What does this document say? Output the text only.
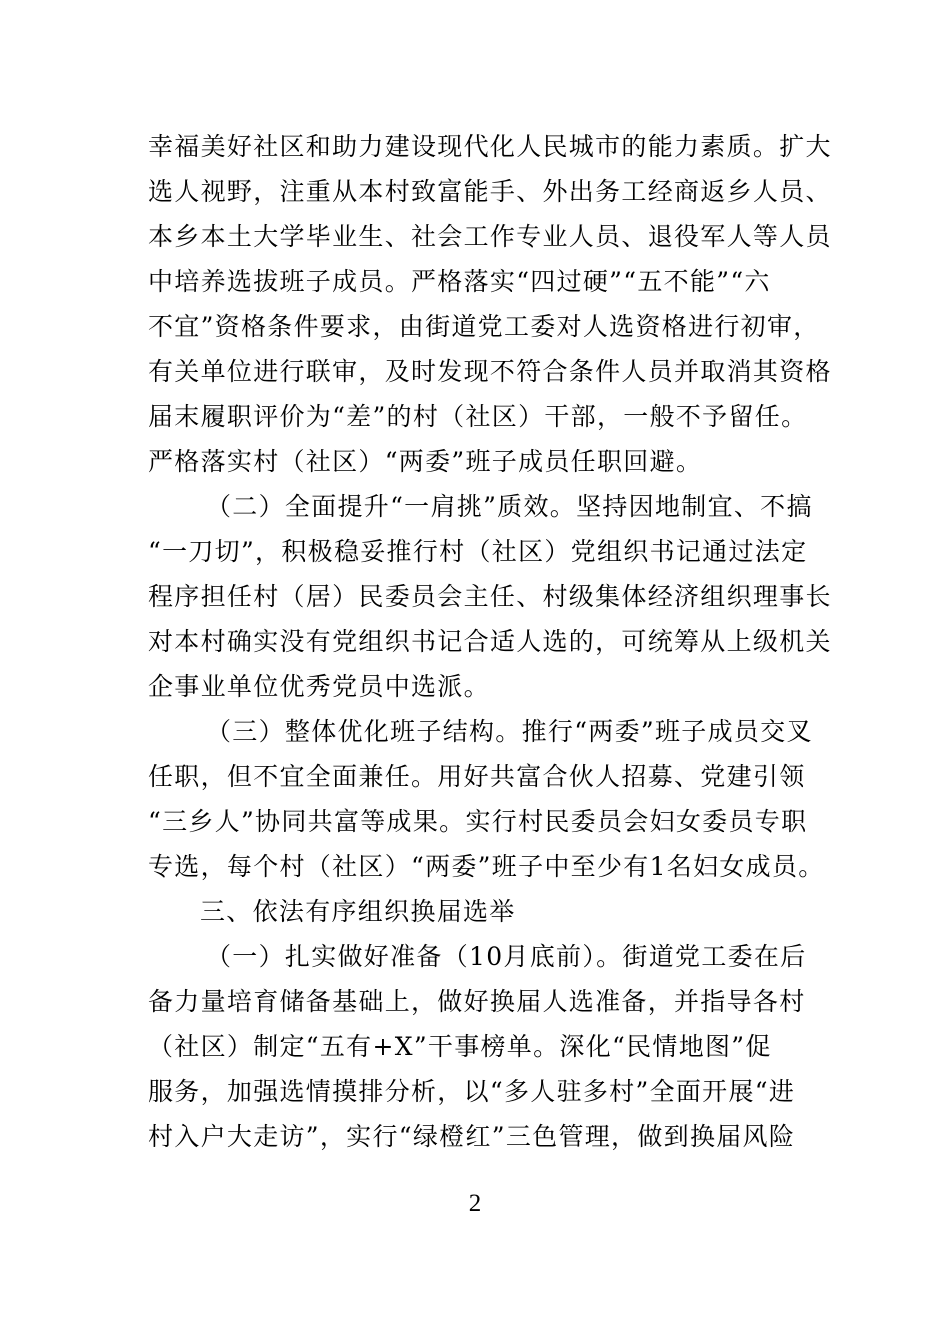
幸福美好社区和助力建设现代化人民城市的能力素质。扩大
选人视野，注重从本村致富能手、外出务工经商返乡人员、
本乡本土大学毕业生、社会工作专业人员、退役军人等人员
中培养选拔班子成员。严格落实“四过硬”“五不能”“六
不宜”资格条件要求，由街道党工委对人选资格进行初审，
有关单位进行联审，及时发现不符合条件人员并取消其资格
届末履职评价为“差”的村（社区）干部，一般不予留任。
严格落实村（社区）“两委”班子成员任职回避。
（二）全面提升“一肩挑”质效。坚持因地制宜、不搞
“一刀切”，积极稳妥推行村（社区）党组织书记通过法定
程序担任村（居）民委员会主任、村级集体经济组织理事长
对本村确实没有党组织书记合适人选的，可统筹从上级机关
企事业单位优秀党员中选派。
（三）整体优化班子结构。推行“两委”班子成员交叉
任职，但不宜全面兼任。用好共富合伙人招募、党建引领
“三乡人”协同共富等成果。实行村民委员会妇女委员专职
专选，每个村（社区）“两委”班子中至少有1名妇女成员。
三、依法有序组织换届选举
（一）扎实做好准备（10月底前）。街道党工委在后
备力量培育储备基础上，做好换届人选准备，并指导各村
（社区）制定“五有+X”干事榜单。深化“民情地图”促
服务，加强选情摸排分析，以“多人驻多村”全面开展“进
村入户大走访”，实行“绿橙红”三色管理，做到换届风险
2
